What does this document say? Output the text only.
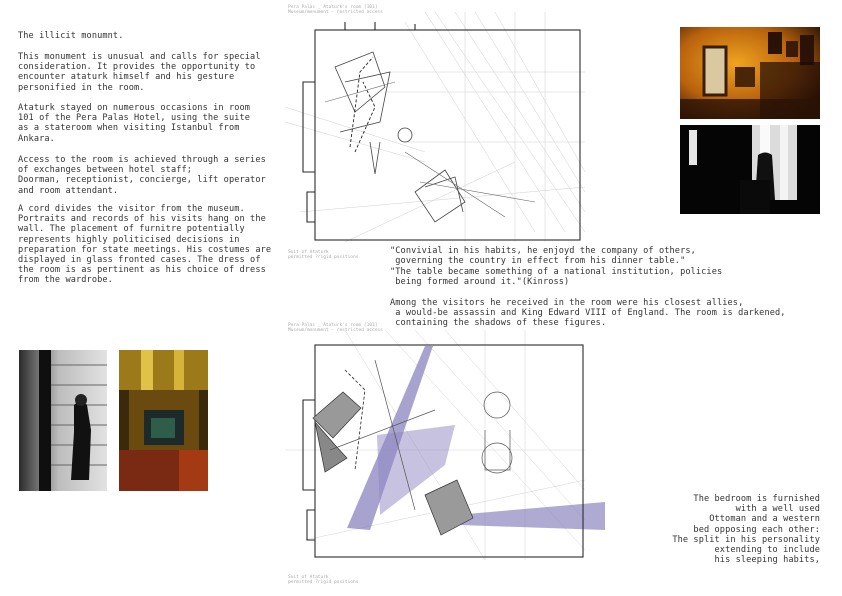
The illicit monumnt.
This monument is unusual and calls for special
consideration. It provides the opportunity to
encounter ataturk himself and his gesture
personified in the room.
Ataturk stayed on numerous occasions in room
101 of the Pera Palas Hotel, using the suite
as a stateroom when visiting Istanbul from
Ankara.
Access to the room is achieved through a series
of exchanges between hotel staff;
Doorman, receptionist, concierge, lift operator
and room attendant.
A cord divides the visitor from the museum.
Portraits and records of his visits hang on the
wall. The placement of furnitre potentially
represents highly politicised decisions in
preparation for state meetings. His costumes are
displayed in glass fronted cases. The dress of
the room is as pertinent as his choice of dress
from the wardrobe.
Pera Palas _ Ataturk's room [101]
Museum/monument - restricted access
Suit of Ataturk
permitted ?rigid positions
"Convivial in his habits, he enjoyd the company of others,
governing the country in effect from his dinner table."
"The table became something of a national institution, policies
being formed around it."(Kinross)
Among the visitors he received in the room were his closest allies,
a would-be assassin and King Edward VIII of England. The room is darkened,
containing the shadows of these figures.
Pera Palas _ Ataturk's room [101]
Museum/monument - restricted access
Suit of Ataturk
permitted ?rigid positions
The bedroom is furnished
with a well used
Ottoman and a western
bed opposing each other:
The split in his personality
extending to include
his sleeping habits,
